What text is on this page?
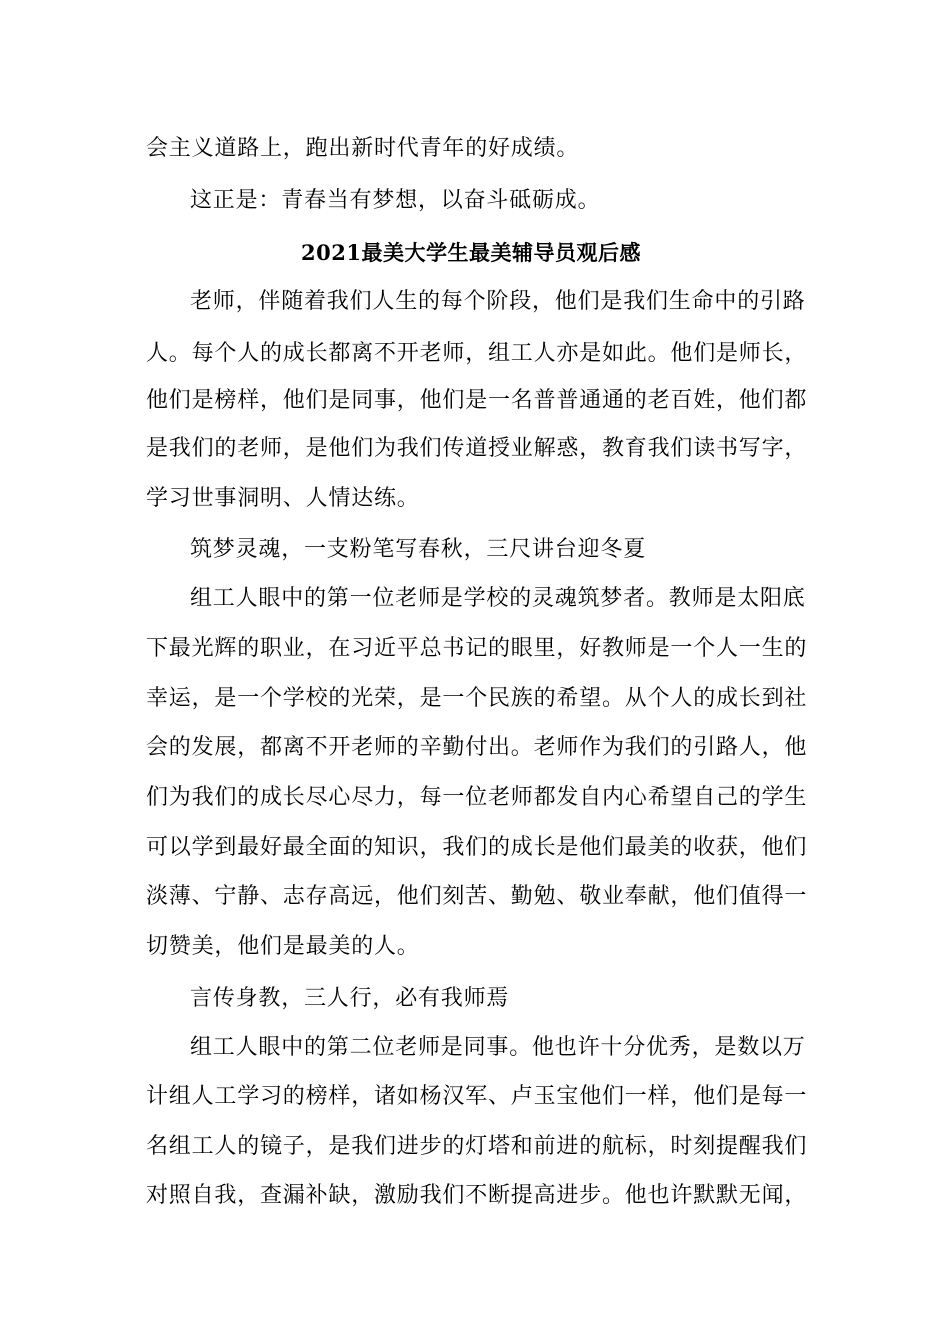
会主义道路上，跑出新时代青年的好成绩。
这正是：青春当有梦想，以奋斗砥砺成。
2021最美大学生最美辅导员观后感
老师，伴随着我们人生的每个阶段，他们是我们生命中的引路
人。每个人的成长都离不开老师，组工人亦是如此。他们是师长，
他们是榜样，他们是同事，他们是一名普普通通的老百姓，他们都
是我们的老师，是他们为我们传道授业解惑，教育我们读书写字，
学习世事洞明、人情达练。
筑梦灵魂，一支粉笔写春秋，三尺讲台迎冬夏
组工人眼中的第一位老师是学校的灵魂筑梦者。教师是太阳底
下最光辉的职业，在习近平总书记的眼里，好教师是一个人一生的
幸运，是一个学校的光荣，是一个民族的希望。从个人的成长到社
会的发展，都离不开老师的辛勤付出。老师作为我们的引路人，他
们为我们的成长尽心尽力，每一位老师都发自内心希望自己的学生
可以学到最好最全面的知识，我们的成长是他们最美的收获，他们
淡薄、宁静、志存高远，他们刻苦、勤勉、敬业奉献，他们值得一
切赞美，他们是最美的人。
言传身教，三人行，必有我师焉
组工人眼中的第二位老师是同事。他也许十分优秀，是数以万
计组人工学习的榜样，诸如杨汉军、卢玉宝他们一样，他们是每一
名组工人的镜子，是我们进步的灯塔和前进的航标，时刻提醒我们
对照自我，查漏补缺，激励我们不断提高进步。他也许默默无闻，
